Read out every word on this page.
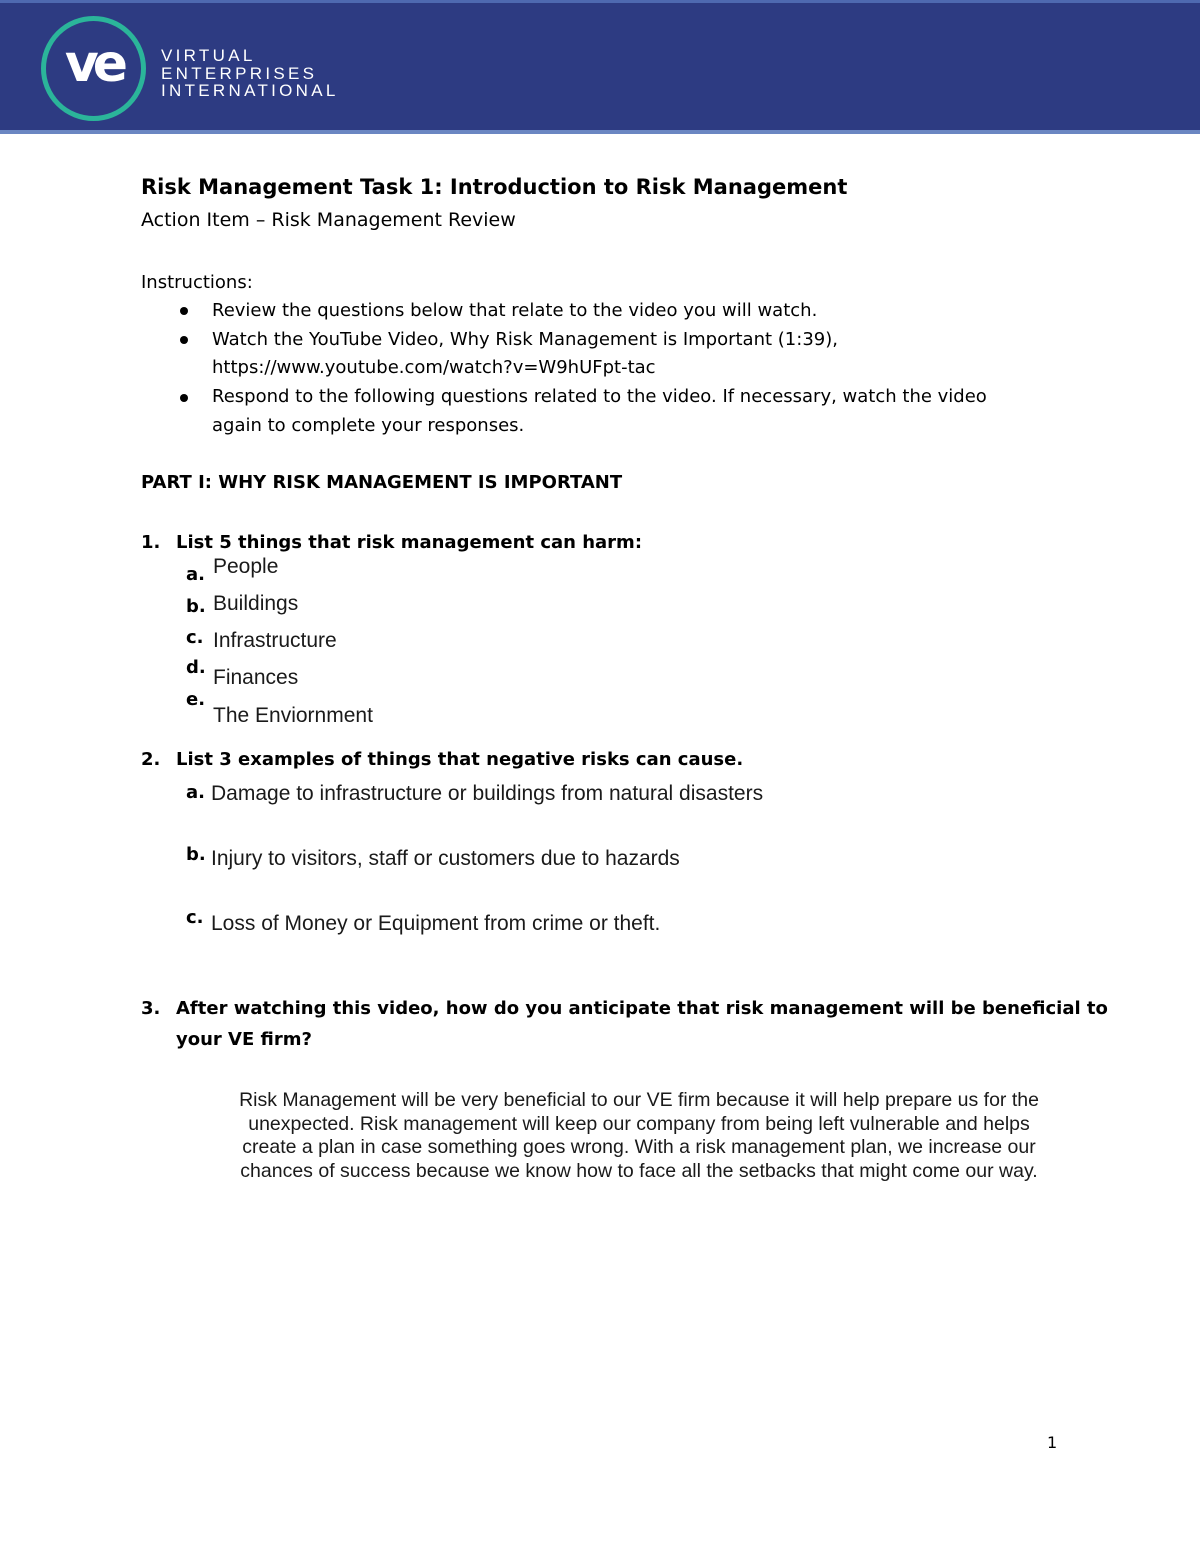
ve	VIRTUAL
ENTERPRISES
INTERNATIONAL
Risk Management Task 1: Introduction to Risk Management
Action Item – Risk Management Review
Instructions:
Review the questions below that relate to the video you will watch.
Watch the YouTube Video, Why Risk Management is Important (1:39),
https://www.youtube.com/watch?v=W9hUFpt-tac
Respond to the following questions related to the video. If necessary, watch the video
again to complete your responses.
PART I: WHY RISK MANAGEMENT IS IMPORTANT
1. List 5 things that risk management can harm:
a.
b.
c.
d.
e.
People
Buildings
Infrastructure
Finances
The Enviornment
2. List 3 examples of things that negative risks can cause.
a.
b.
c.
Damage to infrastructure or buildings from natural disasters
Injury to visitors, staff or customers due to hazards
Loss of Money or Equipment from crime or theft.
3. After watching this video, how do you anticipate that risk management will be beneficial to
your VE firm?
Risk Management will be very beneficial to our VE firm because it will help prepare us for the
unexpected. Risk management will keep our company from being left vulnerable and helps
create a plan in case something goes wrong. With a risk management plan, we increase our
chances of success because we know how to face all the setbacks that might come our way.
1
